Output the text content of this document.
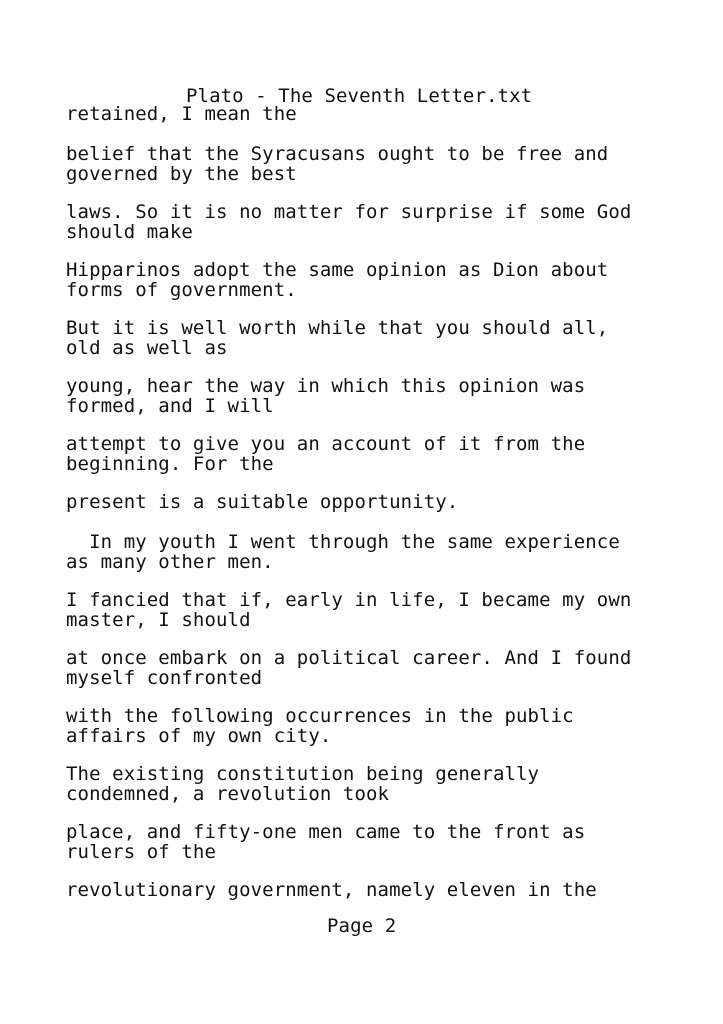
Plato - The Seventh Letter.txt
retained, I mean the
belief that the Syracusans ought to be free and
governed by the best
laws. So it is no matter for surprise if some God
should make
Hipparinos adopt the same opinion as Dion about
forms of government.
But it is well worth while that you should all,
old as well as
young, hear the way in which this opinion was
formed, and I will
attempt to give you an account of it from the
beginning. For the
present is a suitable opportunity.
In my youth I went through the same experience
as many other men.
I fancied that if, early in life, I became my own
master, I should
at once embark on a political career. And I found
myself confronted
with the following occurrences in the public
affairs of my own city.
The existing constitution being generally
condemned, a revolution took
place, and fifty-one men came to the front as
rulers of the
revolutionary government, namely eleven in the
Page 2
